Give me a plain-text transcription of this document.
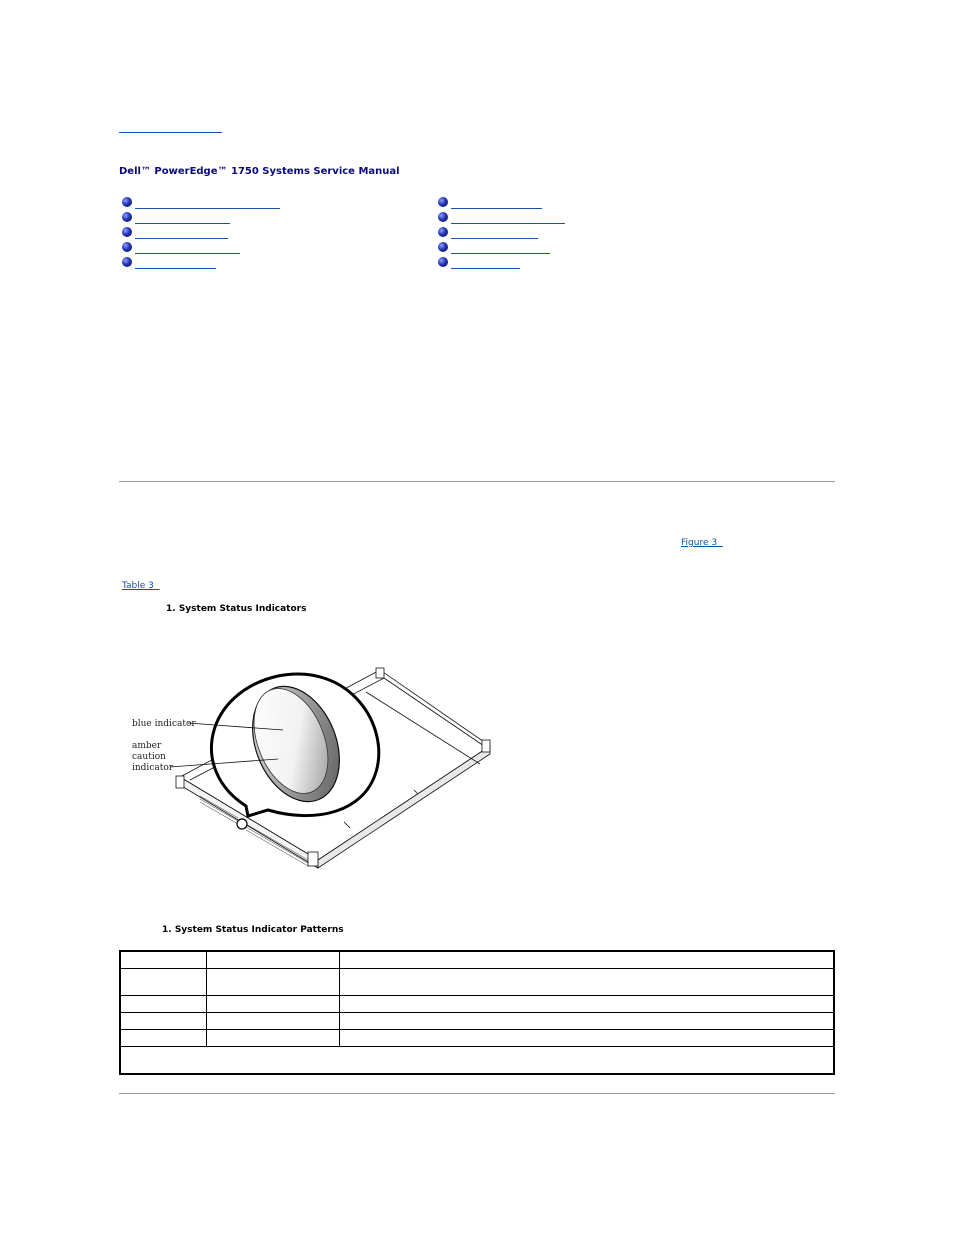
Dell™ PowerEdge™ 1750 Systems Service Manual
Figure 3
Table 3
1. System Status Indicators
blue indicator
amber
caution
indicator
1. System Status Indicator Patterns
